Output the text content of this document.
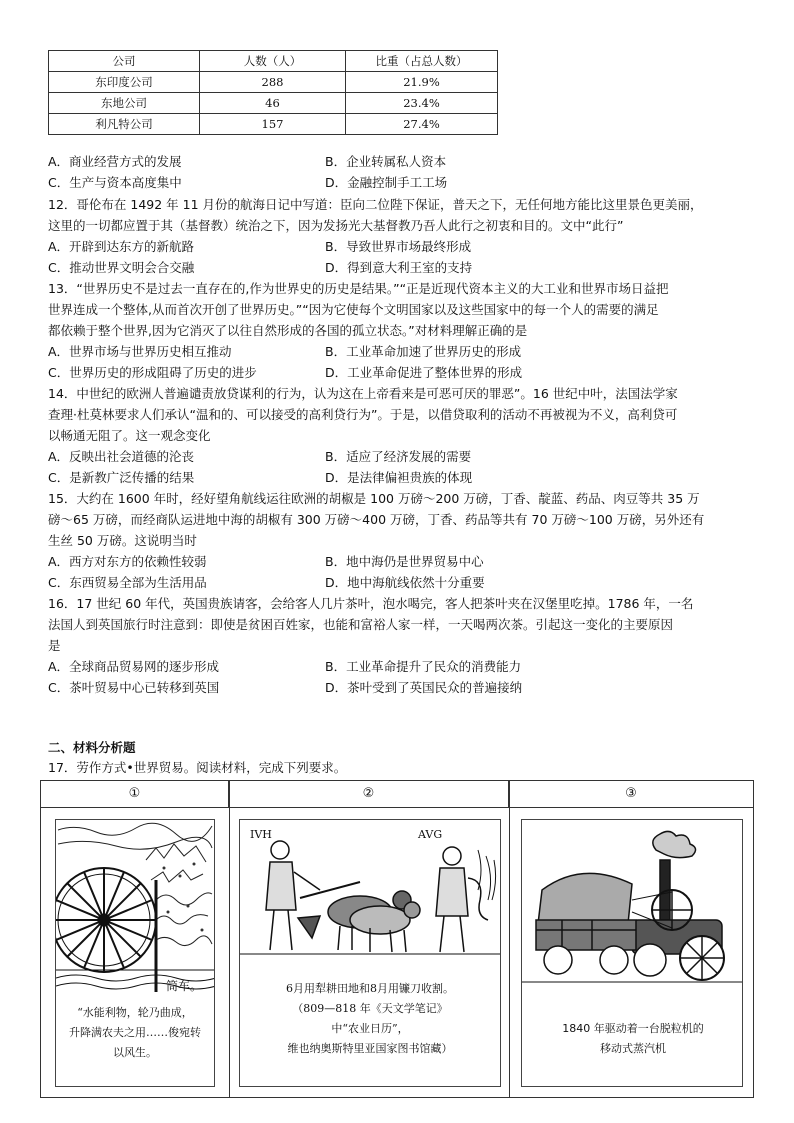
公司	人数（人）	比重（占总人数）
东印度公司	288	21.9%
东地公司	46	23.4%
利凡特公司	157	27.4%
A．商业经营方式的发展	B．企业转属私人资本
C．生产与资本高度集中	D．金融控制手工工场
12．哥伦布在 1492 年 11 月份的航海日记中写道：臣向二位陛下保证，普天之下，无任何地方能比这里景色更美丽，
这里的一切都应置于其（基督教）统治之下，因为发扬光大基督教乃吾人此行之初衷和目的。文中“此行”
A．开辟到达东方的新航路	B．导致世界市场最终形成
C．推动世界文明会合交融	D．得到意大利王室的支持
13．“世界历史不是过去一直存在的,作为世界史的历史是结果。”“正是近现代资本主义的大工业和世界市场日益把
世界连成一个整体,从而首次开创了世界历史。”“因为它使每个文明国家以及这些国家中的每一个人的需要的满足
都依赖于整个世界,因为它消灭了以往自然形成的各国的孤立状态。”对材料理解正确的是
A．世界市场与世界历史相互推动	B．工业革命加速了世界历史的形成
C．世界历史的形成阻碍了历史的进步	D．工业革命促进了整体世界的形成
14．中世纪的欧洲人普遍谴责放贷谋利的行为，认为这在上帝看来是可恶可厌的罪恶”。16 世纪中叶，法国法学家
查理·杜莫林要求人们承认“温和的、可以接受的高利贷行为”。于是，以借贷取利的活动不再被视为不义，高利贷可
以畅通无阻了。这一观念变化
A．反映出社会道德的沦丧	B．适应了经济发展的需要
C．是新教广泛传播的结果	D．是法律偏袒贵族的体现
15．大约在 1600 年时，经好望角航线运往欧洲的胡椒是 100 万磅～200 万磅，丁香、靛蓝、药品、肉豆等共 35 万
磅～65 万磅，而经商队运进地中海的胡椒有 300 万磅～400 万磅，丁香、药品等共有 70 万磅～100 万磅，另外还有
生丝 50 万磅。这说明当时
A．西方对东方的依赖性较弱	B．地中海仍是世界贸易中心
C．东西贸易全部为生活用品	D．地中海航线依然十分重要
16．17 世纪 60 年代，英国贵族请客，会给客人几片茶叶，泡水喝完，客人把茶叶夹在汉堡里吃掉。1786 年，一名
法国人到英国旅行时注意到：即使是贫困百姓家，也能和富裕人家一样，一天喝两次茶。引起这一变化的主要原因
是
A．全球商品贸易网的逐步形成	B．工业革命提升了民众的消费能力
C．茶叶贸易中心已转移到英国	D．茶叶受到了英国民众的普遍接纳
二、材料分析题
17．劳作方式•世界贸易。阅读材料，完成下列要求。
①	②	③
筒车。
“水能利物，轮乃曲成，
升降满农夫之用……俊宛转
以风生。
IVH	AVG
6月用犁耕田地和8月用镰刀收割。
（809—818 年《天文学笔记》
中“农业日历”，
维也纳奥斯特里亚国家图书馆藏）
1840 年驱动着一台脱粒机的
移动式蒸汽机
